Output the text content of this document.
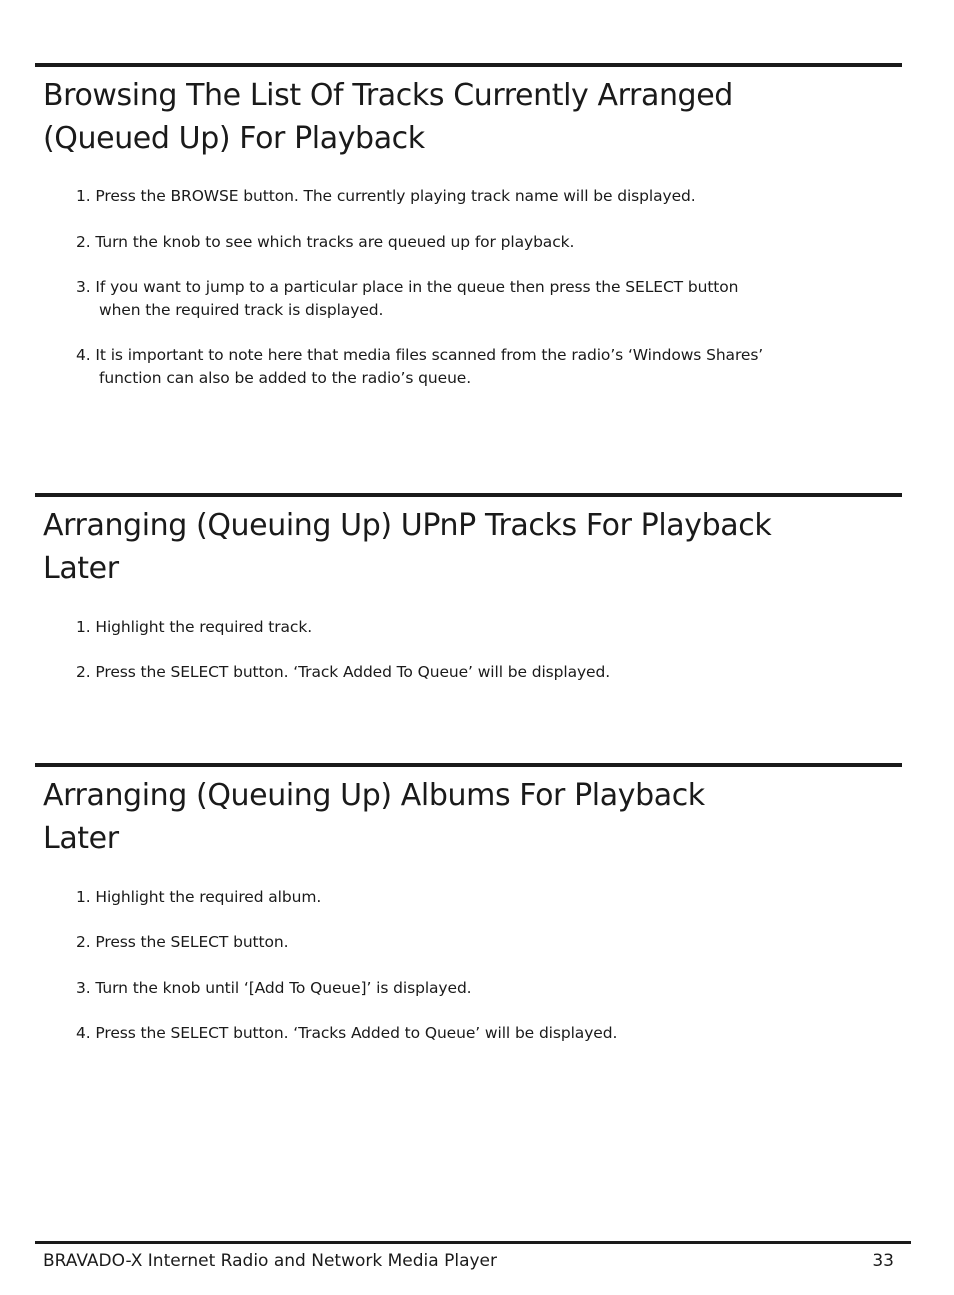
Browsing The List Of Tracks Currently Arranged
(Queued Up) For Playback
1. Press the BROWSE button. The currently playing track name will be displayed.
2. Turn the knob to see which tracks are queued up for playback.
3. If you want to jump to a particular place in the queue then press the SELECT button
when the required track is displayed.
4. It is important to note here that media files scanned from the radio’s ‘Windows Shares’
function can also be added to the radio’s queue.
Arranging (Queuing Up) UPnP Tracks For Playback
Later
1. Highlight the required track.
2. Press the SELECT button. ‘Track Added To Queue’ will be displayed.
Arranging (Queuing Up) Albums For Playback
Later
1. Highlight the required album.
2. Press the SELECT button.
3. Turn the knob until ‘[Add To Queue]’ is displayed.
4. Press the SELECT button. ‘Tracks Added to Queue’ will be displayed.
BRAVADO-X Internet Radio and Network Media Player	33
